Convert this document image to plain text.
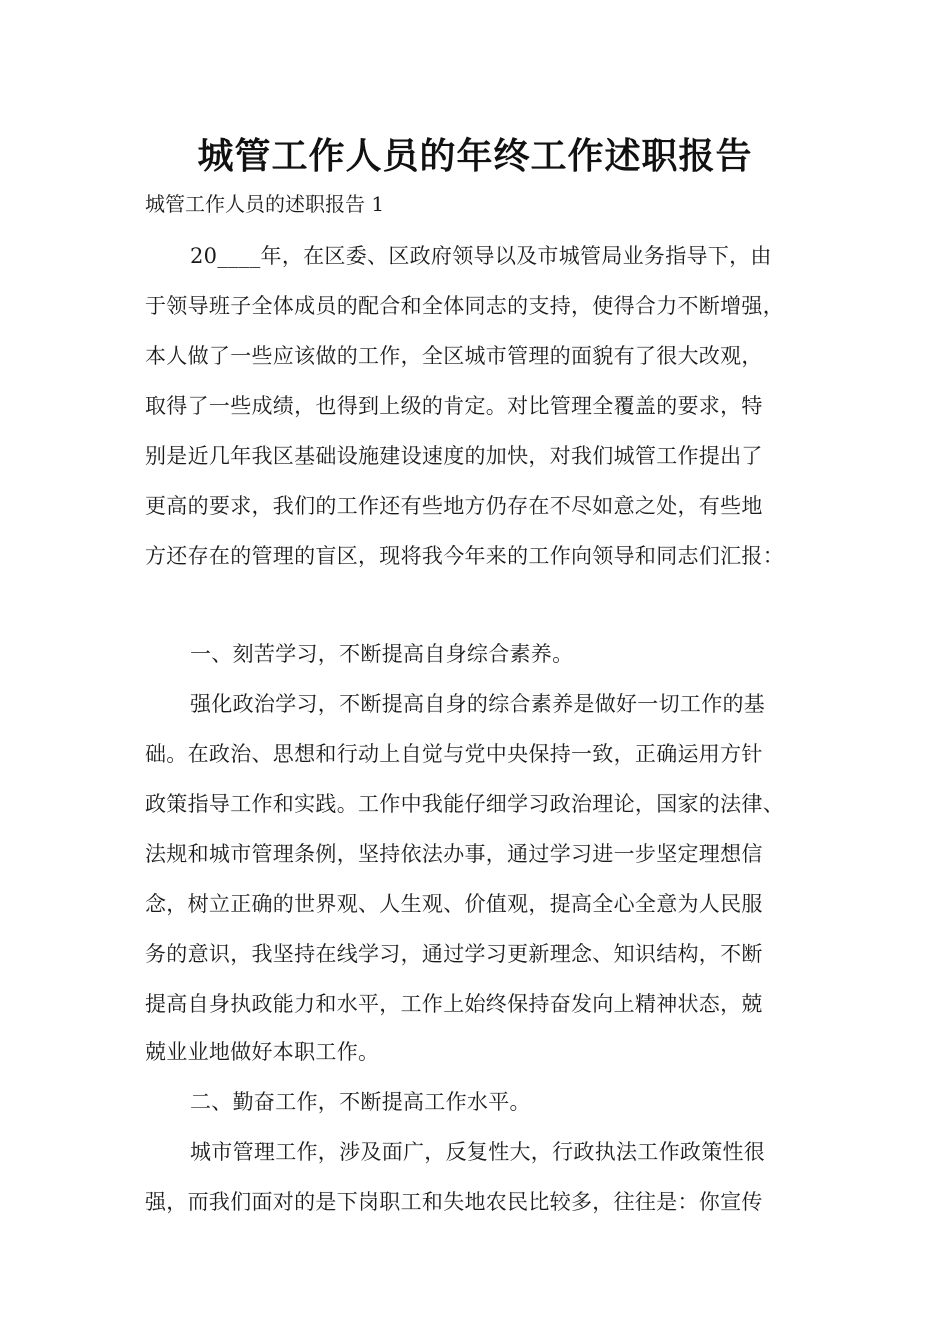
城管工作人员的年终工作述职报告

城管工作人员的述职报告 1

20____年，在区委、区政府领导以及市城管局业务指导下，由

于领导班子全体成员的配合和全体同志的支持，使得合力不断增强，

本人做了一些应该做的工作，全区城市管理的面貌有了很大改观，

取得了一些成绩，也得到上级的肯定。对比管理全覆盖的要求，特

别是近几年我区基础设施建设速度的加快，对我们城管工作提出了

更高的要求，我们的工作还有些地方仍存在不尽如意之处，有些地

方还存在的管理的盲区，现将我今年来的工作向领导和同志们汇报：

一、刻苦学习，不断提高自身综合素养。

强化政治学习，不断提高自身的综合素养是做好一切工作的基

础。在政治、思想和行动上自觉与党中央保持一致，正确运用方针

政策指导工作和实践。工作中我能仔细学习政治理论，国家的法律、

法规和城市管理条例，坚持依法办事，通过学习进一步坚定理想信

念，树立正确的世界观、人生观、价值观，提高全心全意为人民服

务的意识，我坚持在线学习，通过学习更新理念、知识结构，不断

提高自身执政能力和水平，工作上始终保持奋发向上精神状态，兢

兢业业地做好本职工作。

二、勤奋工作，不断提高工作水平。

城市管理工作，涉及面广，反复性大，行政执法工作政策性很

强，而我们面对的是下岗职工和失地农民比较多，往往是：你宣传
